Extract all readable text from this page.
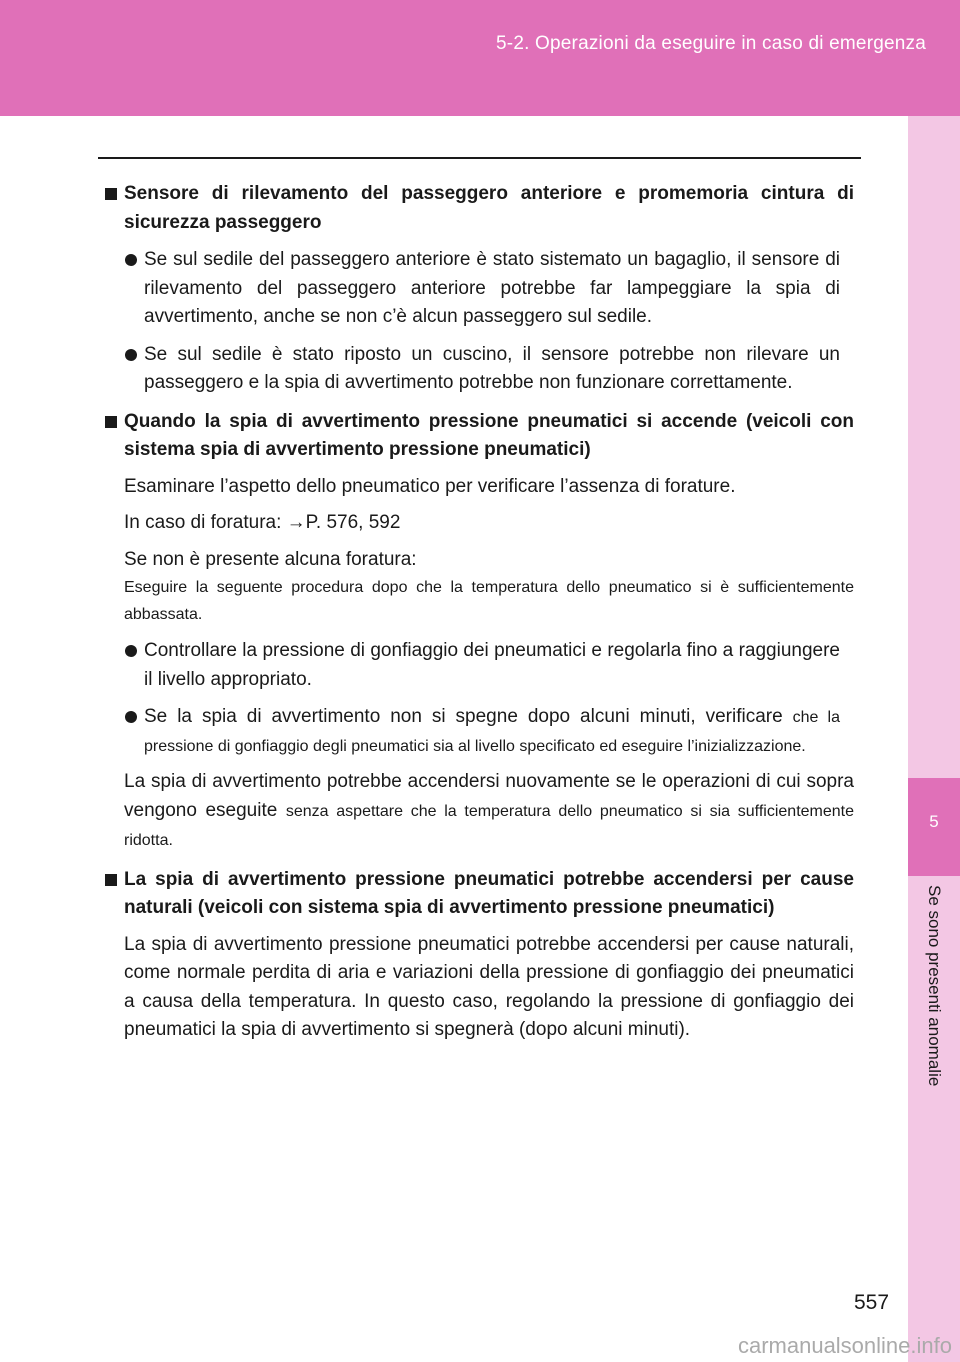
5-2. Operazioni da eseguire in caso di emergenza
5
Se sono presenti anomalie
Sensore di rilevamento del passeggero anteriore e promemoria cintura di sicurezza passeggero
Se sul sedile del passeggero anteriore è stato sistemato un bagaglio, il sensore di rilevamento del passeggero anteriore potrebbe far lampeggiare la spia di avvertimento, anche se non c’è alcun passeggero sul sedile.
Se sul sedile è stato riposto un cuscino, il sensore potrebbe non rilevare un passeggero e la spia di avvertimento potrebbe non funzionare correttamente.
Quando la spia di avvertimento pressione pneumatici si accende (veicoli con sistema spia di avvertimento pressione pneumatici)
Esaminare l’aspetto dello pneumatico per verificare l’assenza di forature.
In caso di foratura: →P. 576, 592
Se non è presente alcuna foratura:
Eseguire la seguente procedura dopo che la temperatura dello pneumatico si è sufficientemente abbassata.
Controllare la pressione di gonfiaggio dei pneumatici e regolarla fino a raggiungere il livello appropriato.
Se la spia di avvertimento non si spegne dopo alcuni minuti, verificare che la pressione di gonfiaggio degli pneumatici sia al livello specificato ed eseguire l’inizializzazione.
La spia di avvertimento potrebbe accendersi nuovamente se le operazioni di cui sopra vengono eseguite senza aspettare che la temperatura dello pneumatico si sia sufficientemente ridotta.
La spia di avvertimento pressione pneumatici potrebbe accendersi per cause naturali (veicoli con sistema spia di avvertimento pressione pneumatici)
La spia di avvertimento pressione pneumatici potrebbe accendersi per cause naturali, come normale perdita di aria e variazioni della pressione di gonfiaggio dei pneumatici a causa della temperatura. In questo caso, regolando la pressione di gonfiaggio dei pneumatici la spia di avvertimento si spegnerà (dopo alcuni minuti).
557
carmanualsonline.info
